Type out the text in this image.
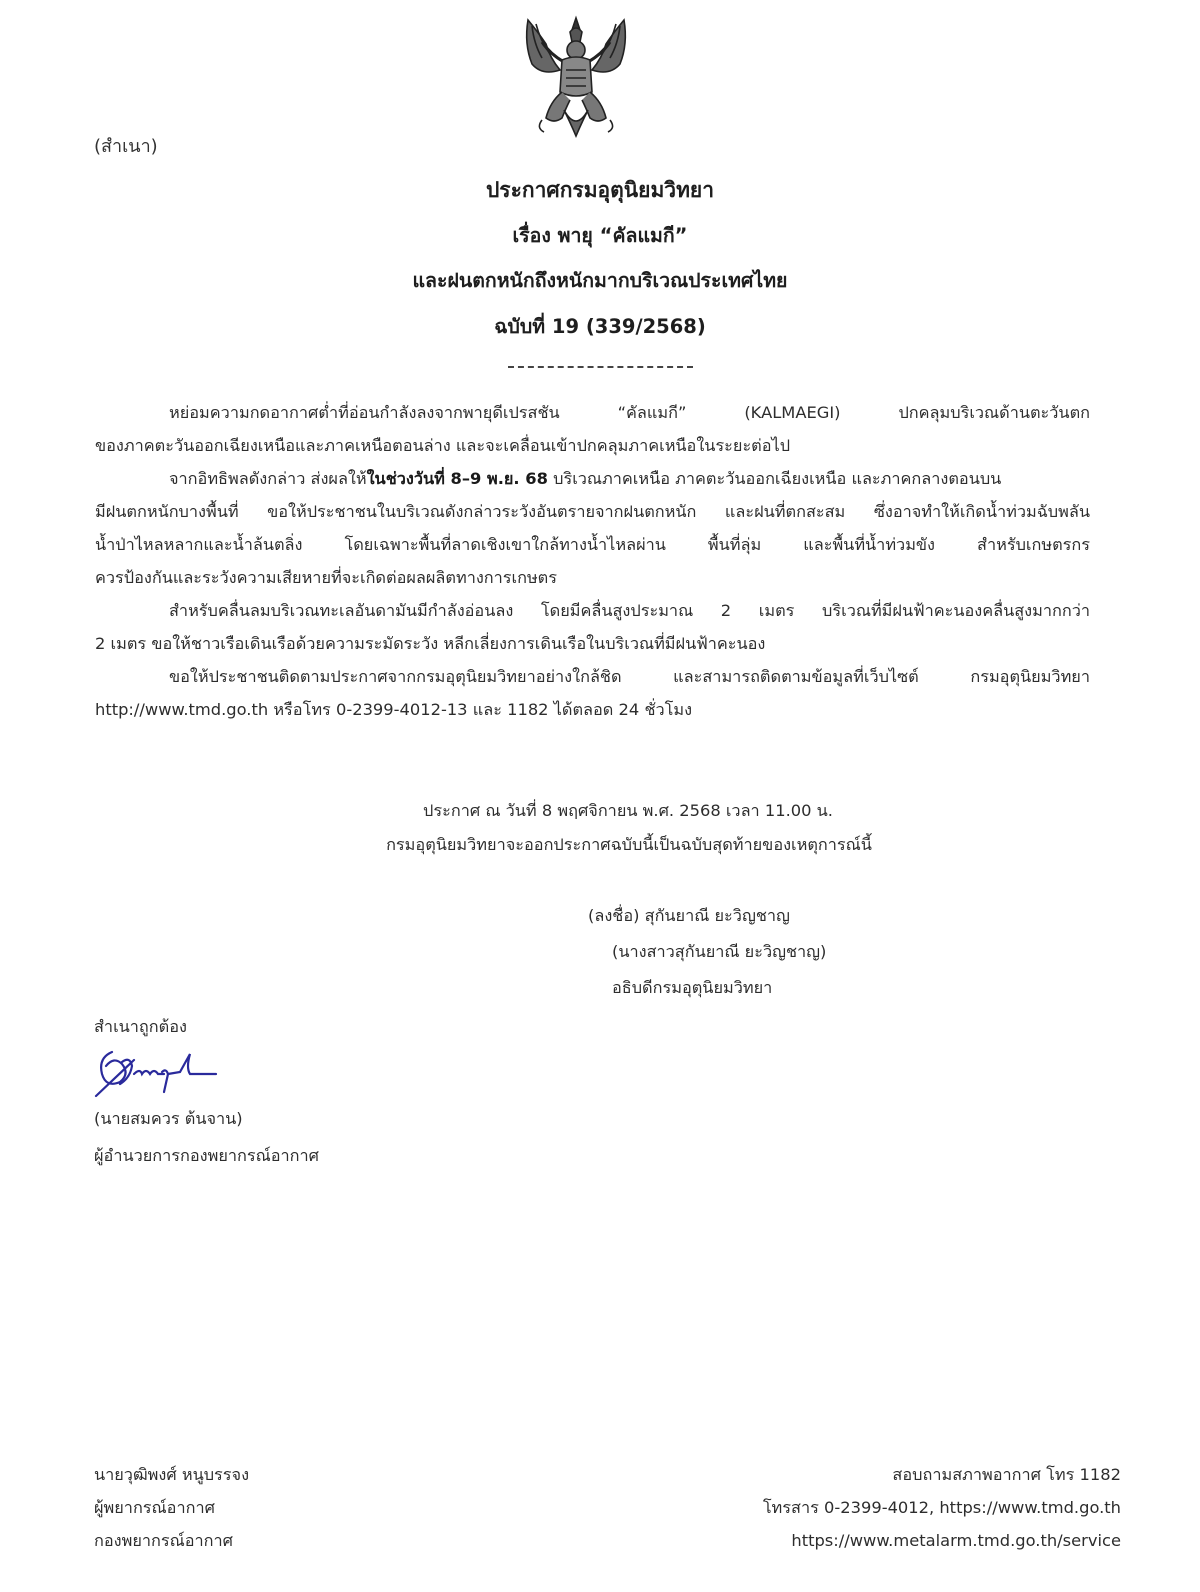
(สำเนา)
ประกาศกรมอุตุนิยมวิทยา
เรื่อง พายุ “คัลแมกี”
และฝนตกหนักถึงหนักมากบริเวณประเทศไทย
ฉบับที่ 19 (339/2568)

หย่อมความกดอากาศต่ำที่อ่อนกำลังลงจากพายุดีเปรสชัน “คัลแมกี” (KALMAEGI) ปกคลุมบริเวณด้านตะวันตก

ของภาคตะวันออกเฉียงเหนือและภาคเหนือตอนล่าง และจะเคลื่อนเข้าปกคลุมภาคเหนือในระยะต่อไป

จากอิทธิพลดังกล่าว ส่งผลให้ในช่วงวันที่ 8–9 พ.ย. 68 บริเวณภาคเหนือ ภาคตะวันออกเฉียงเหนือ และภาคกลางตอนบน

มีฝนตกหนักบางพื้นที่ ขอให้ประชาชนในบริเวณดังกล่าวระวังอันตรายจากฝนตกหนัก และฝนที่ตกสะสม ซึ่งอาจทำให้เกิดน้ำท่วมฉับพลัน
น้ำป่าไหลหลากและน้ำล้นตลิ่ง โดยเฉพาะพื้นที่ลาดเชิงเขาใกล้ทางน้ำไหลผ่าน พื้นที่ลุ่ม และพื้นที่น้ำท่วมขัง สำหรับเกษตรกร
ควรป้องกันและระวังความเสียหายที่จะเกิดต่อผลผลิตทางการเกษตร

สำหรับคลื่นลมบริเวณทะเลอันดามันมีกำลังอ่อนลง โดยมีคลื่นสูงประมาณ 2 เมตร บริเวณที่มีฝนฟ้าคะนองคลื่นสูงมากกว่า

2 เมตร ขอให้ชาวเรือเดินเรือด้วยความระมัดระวัง หลีกเลี่ยงการเดินเรือในบริเวณที่มีฝนฟ้าคะนอง

ขอให้ประชาชนติดตามประกาศจากกรมอุตุนิยมวิทยาอย่างใกล้ชิด และสามารถติดตามข้อมูลที่เว็บไซต์ กรมอุตุนิยมวิทยา

http://www.tmd.go.th หรือโทร 0-2399-4012-13 และ 1182 ได้ตลอด 24 ชั่วโมง

ประกาศ ณ วันที่ 8 พฤศจิกายน พ.ศ. 2568 เวลา 11.00 น.
กรมอุตุนิยมวิทยาจะออกประกาศฉบับนี้เป็นฉบับสุดท้ายของเหตุการณ์นี้
(ลงชื่อ) สุกันยาณี ยะวิญชาญ
(นางสาวสุกันยาณี ยะวิญชาญ)
อธิบดีกรมอุตุนิยมวิทยา
สำเนาถูกต้อง
(นายสมควร ต้นจาน)
ผู้อำนวยการกองพยากรณ์อากาศ
นายวุฒิพงศ์ หนูบรรจง
ผู้พยากรณ์อากาศ
กองพยากรณ์อากาศ
สอบถามสภาพอากาศ โทร 1182
โทรสาร 0-2399-4012, https://www.tmd.go.th
https://www.metalarm.tmd.go.th/service
